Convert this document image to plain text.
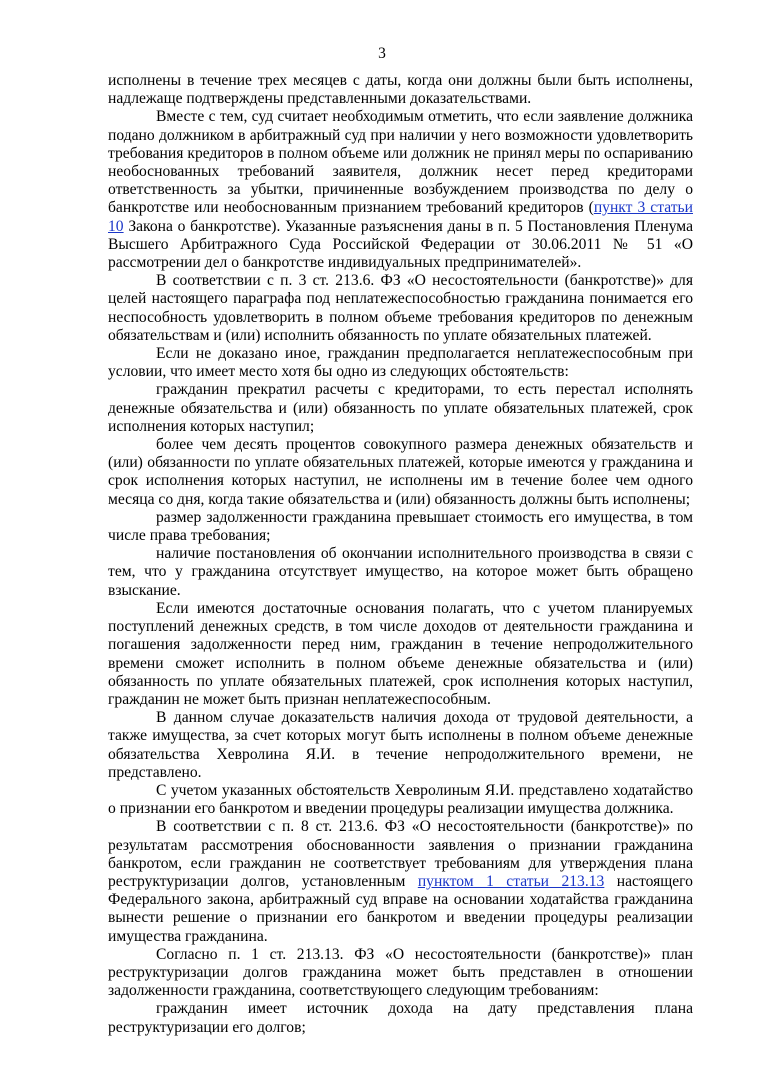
3

исполнены в течение трех месяцев с даты, когда они должны были быть исполнены, надлежаще подтверждены представленными доказательствами.

Вместе с тем, суд считает необходимым отметить, что если заявление должника подано должником в арбитражный суд при наличии у него возможности удовлетворить требования кредиторов в полном объеме или должник не принял меры по оспариванию необоснованных требований заявителя, должник несет перед кредиторами ответственность за убытки, причиненные возбуждением производства по делу о банкротстве или необоснованным признанием требований кредиторов (пункт 3 статьи 10 Закона о банкротстве). Указанные разъяснения даны в п. 5 Постановления Пленума Высшего Арбитражного Суда Российской Федерации от 30.06.2011 № 51 «О рассмотрении дел о банкротстве индивидуальных предпринимателей».

В соответствии с п. 3 ст. 213.6. ФЗ «О несостоятельности (банкротстве)» для целей настоящего параграфа под неплатежеспособностью гражданина понимается его неспособность удовлетворить в полном объеме требования кредиторов по денежным обязательствам и (или) исполнить обязанность по уплате обязательных платежей.

Если не доказано иное, гражданин предполагается неплатежеспособным при условии, что имеет место хотя бы одно из следующих обстоятельств:

гражданин прекратил расчеты с кредиторами, то есть перестал исполнять денежные обязательства и (или) обязанность по уплате обязательных платежей, срок исполнения которых наступил;

более чем десять процентов совокупного размера денежных обязательств и (или) обязанности по уплате обязательных платежей, которые имеются у гражданина и срок исполнения которых наступил, не исполнены им в течение более чем одного месяца со дня, когда такие обязательства и (или) обязанность должны быть исполнены;

размер задолженности гражданина превышает стоимость его имущества, в том числе права требования;

наличие постановления об окончании исполнительного производства в связи с тем, что у гражданина отсутствует имущество, на которое может быть обращено взыскание.

Если имеются достаточные основания полагать, что с учетом планируемых поступлений денежных средств, в том числе доходов от деятельности гражданина и погашения задолженности перед ним, гражданин в течение непродолжительного времени сможет исполнить в полном объеме денежные обязательства и (или) обязанность по уплате обязательных платежей, срок исполнения которых наступил, гражданин не может быть признан неплатежеспособным.

В данном случае доказательств наличия дохода от трудовой деятельности, а также имущества, за счет которых могут быть исполнены в полном объеме денежные обязательства Хевролина Я.И. в течение непродолжительного времени, не представлено.

С учетом указанных обстоятельств Хевролиным Я.И. представлено ходатайство о признании его банкротом и введении процедуры реализации имущества должника.

В соответствии с п. 8 ст. 213.6. ФЗ «О несостоятельности (банкротстве)» по результатам рассмотрения обоснованности заявления о признании гражданина банкротом, если гражданин не соответствует требованиям для утверждения плана реструктуризации долгов, установленным пунктом 1 статьи 213.13 настоящего Федерального закона, арбитражный суд вправе на основании ходатайства гражданина вынести решение о признании его банкротом и введении процедуры реализации имущества гражданина.

Согласно п. 1 ст. 213.13. ФЗ «О несостоятельности (банкротстве)» план реструктуризации долгов гражданина может быть представлен в отношении задолженности гражданина, соответствующего следующим требованиям:

гражданин имеет источник дохода на дату представления плана реструктуризации его долгов;
